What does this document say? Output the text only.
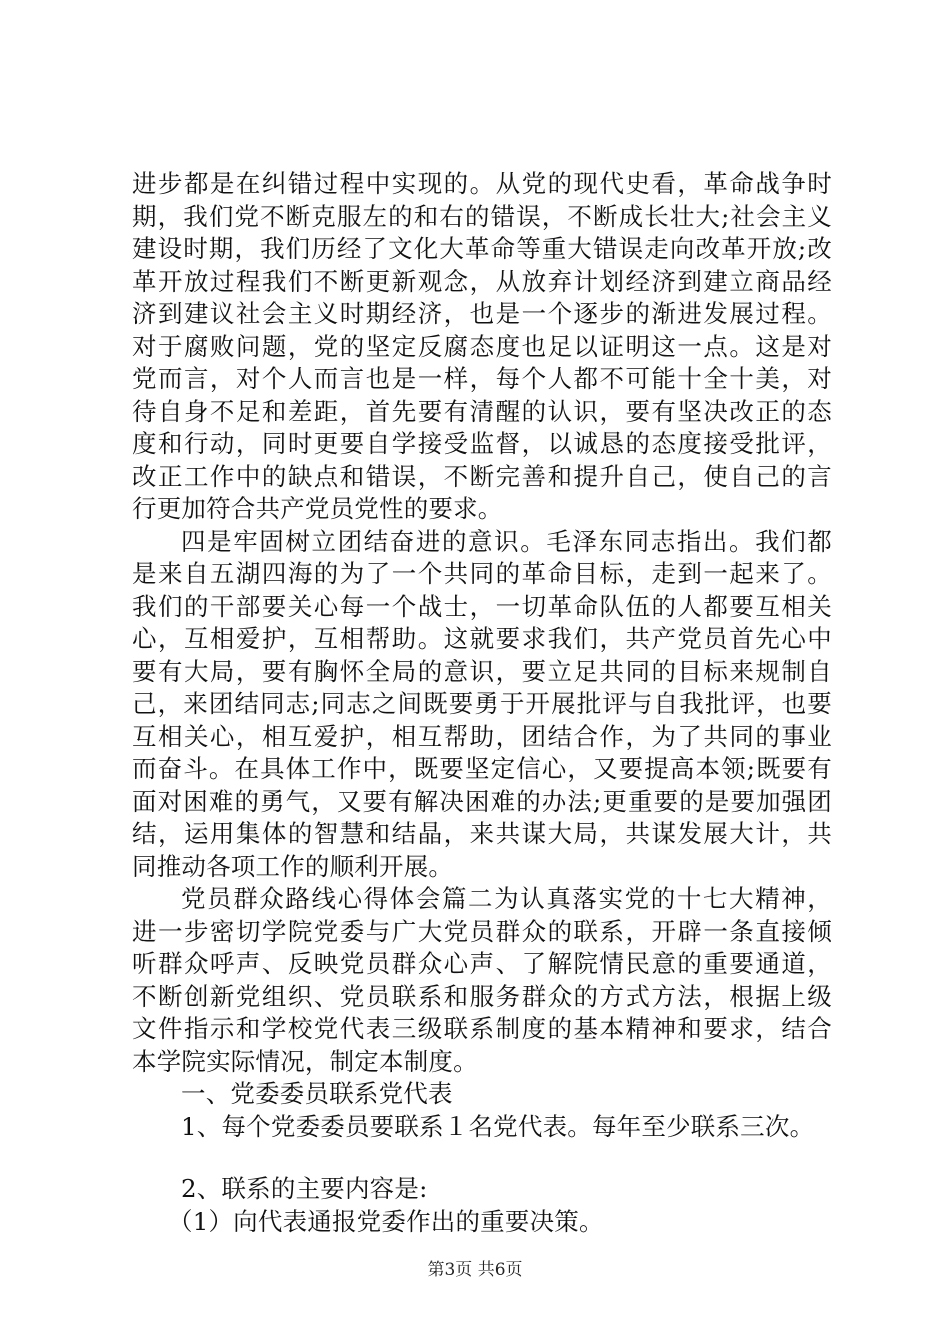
进步都是在纠错过程中实现的。从党的现代史看，革命战争时
期，我们党不断克服左的和右的错误，不断成长壮大;社会主义
建设时期，我们历经了文化大革命等重大错误走向改革开放;改
革开放过程我们不断更新观念，从放弃计划经济到建立商品经
济到建议社会主义时期经济，也是一个逐步的渐进发展过程。
对于腐败问题，党的坚定反腐态度也足以证明这一点。这是对
党而言，对个人而言也是一样，每个人都不可能十全十美，对
待自身不足和差距，首先要有清醒的认识，要有坚决改正的态
度和行动，同时更要自学接受监督，以诚恳的态度接受批评，
改正工作中的缺点和错误，不断完善和提升自己，使自己的言
行更加符合共产党员党性的要求。
四是牢固树立团结奋进的意识。毛泽东同志指出。我们都
是来自五湖四海的为了一个共同的革命目标，走到一起来了。
我们的干部要关心每一个战士，一切革命队伍的人都要互相关
心，互相爱护，互相帮助。这就要求我们，共产党员首先心中
要有大局，要有胸怀全局的意识，要立足共同的目标来规制自
己，来团结同志;同志之间既要勇于开展批评与自我批评，也要
互相关心，相互爱护，相互帮助，团结合作，为了共同的事业
而奋斗。在具体工作中，既要坚定信心，又要提高本领;既要有
面对困难的勇气，又要有解决困难的办法;更重要的是要加强团
结，运用集体的智慧和结晶，来共谋大局，共谋发展大计，共
同推动各项工作的顺利开展。
党员群众路线心得体会篇二为认真落实党的十七大精神，
进一步密切学院党委与广大党员群众的联系，开辟一条直接倾
听群众呼声、反映党员群众心声、了解院情民意的重要通道，
不断创新党组织、党员联系和服务群众的方式方法，根据上级
文件指示和学校党代表三级联系制度的基本精神和要求，结合
本学院实际情况，制定本制度。
一、党委委员联系党代表
1、每个党委委员要联系１名党代表。每年至少联系三次。
2、联系的主要内容是:
（1）向代表通报党委作出的重要决策。
第3页 共6页
